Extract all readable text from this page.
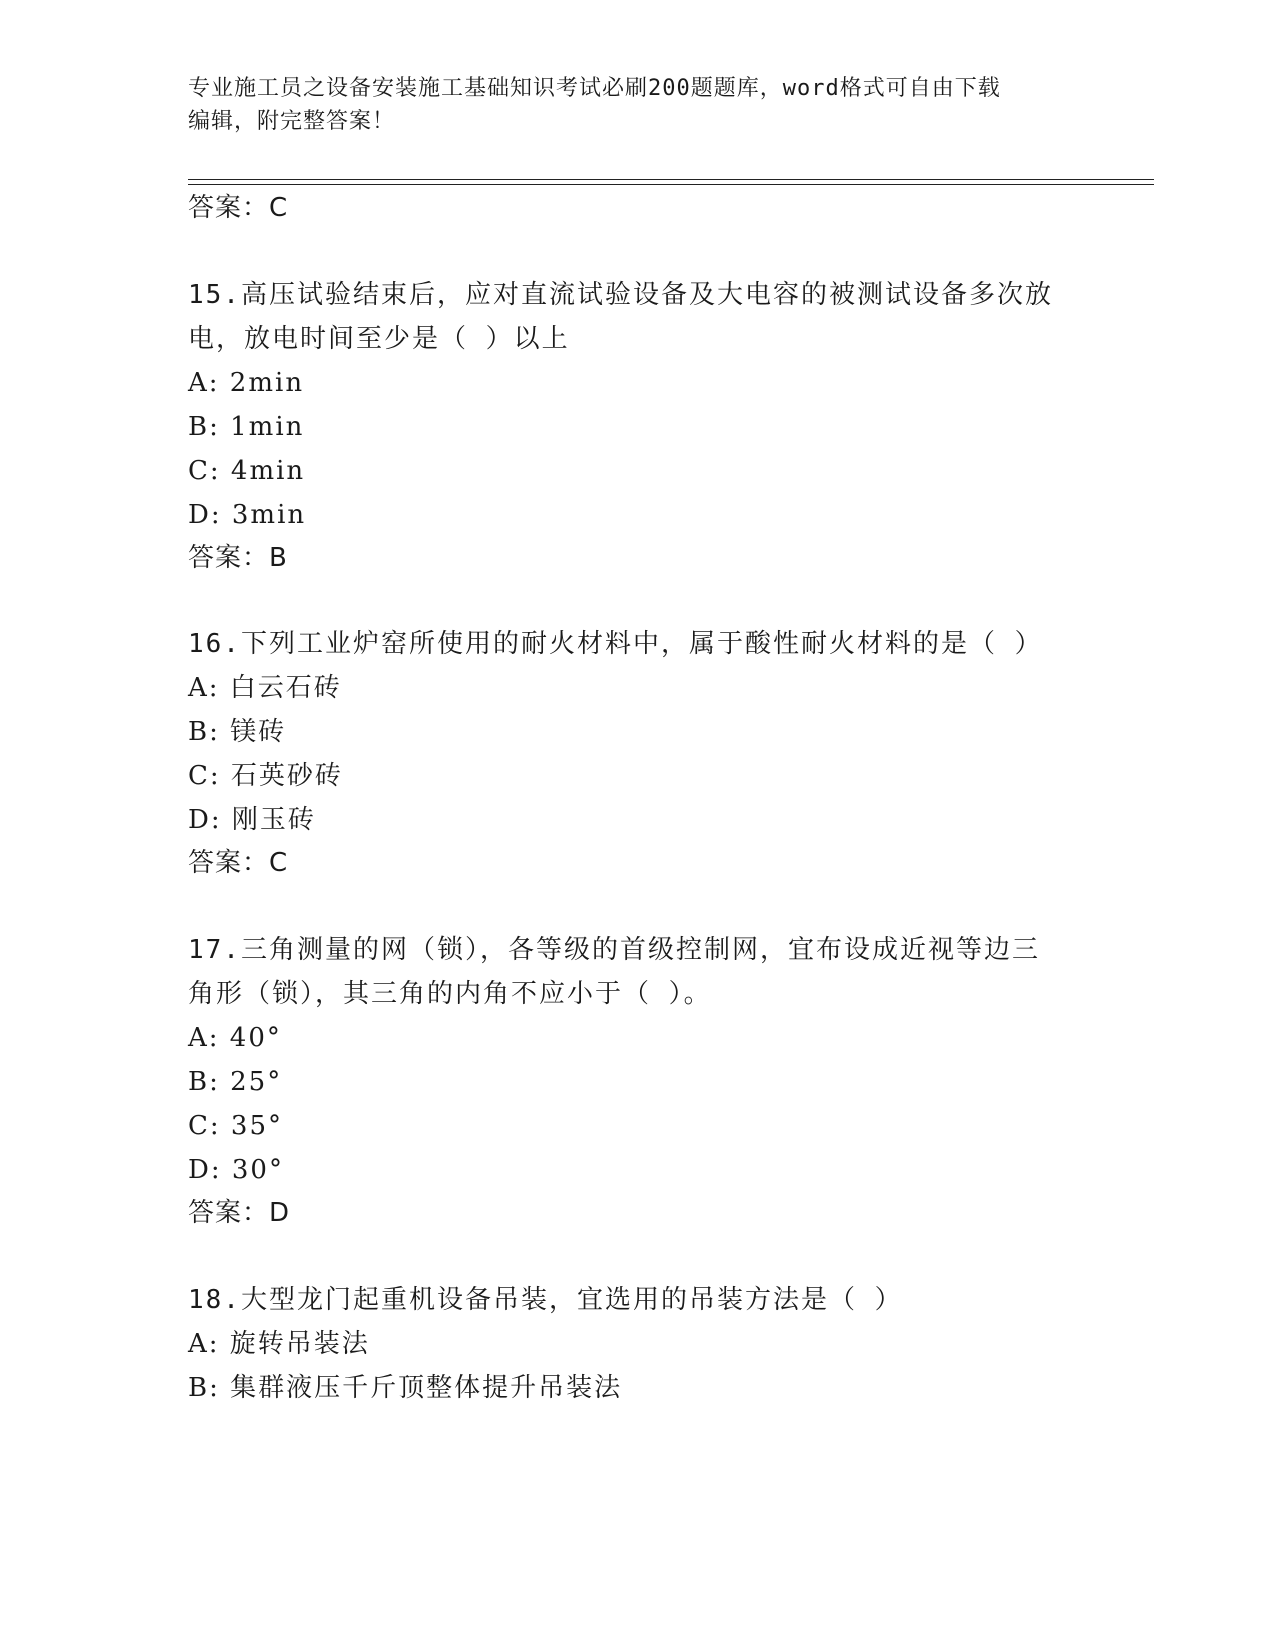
专业施工员之设备安装施工基础知识考试必刷200题题库，word格式可自由下载
编辑，附完整答案！
答案：C
15.高压试验结束后，应对直流试验设备及大电容的被测试设备多次放
电，放电时间至少是（ ）以上
A: 2min
B: 1min
C: 4min
D: 3min
答案：B
16.下列工业炉窑所使用的耐火材料中，属于酸性耐火材料的是（ ）
A: 白云石砖
B: 镁砖
C: 石英砂砖
D: 刚玉砖
答案：C
17.三角测量的网（锁），各等级的首级控制网，宜布设成近视等边三
角形（锁），其三角的内角不应小于（ ）。
A: 40°
B: 25°
C: 35°
D: 30°
答案：D
18.大型龙门起重机设备吊装，宜选用的吊装方法是（ ）
A: 旋转吊装法
B: 集群液压千斤顶整体提升吊装法
